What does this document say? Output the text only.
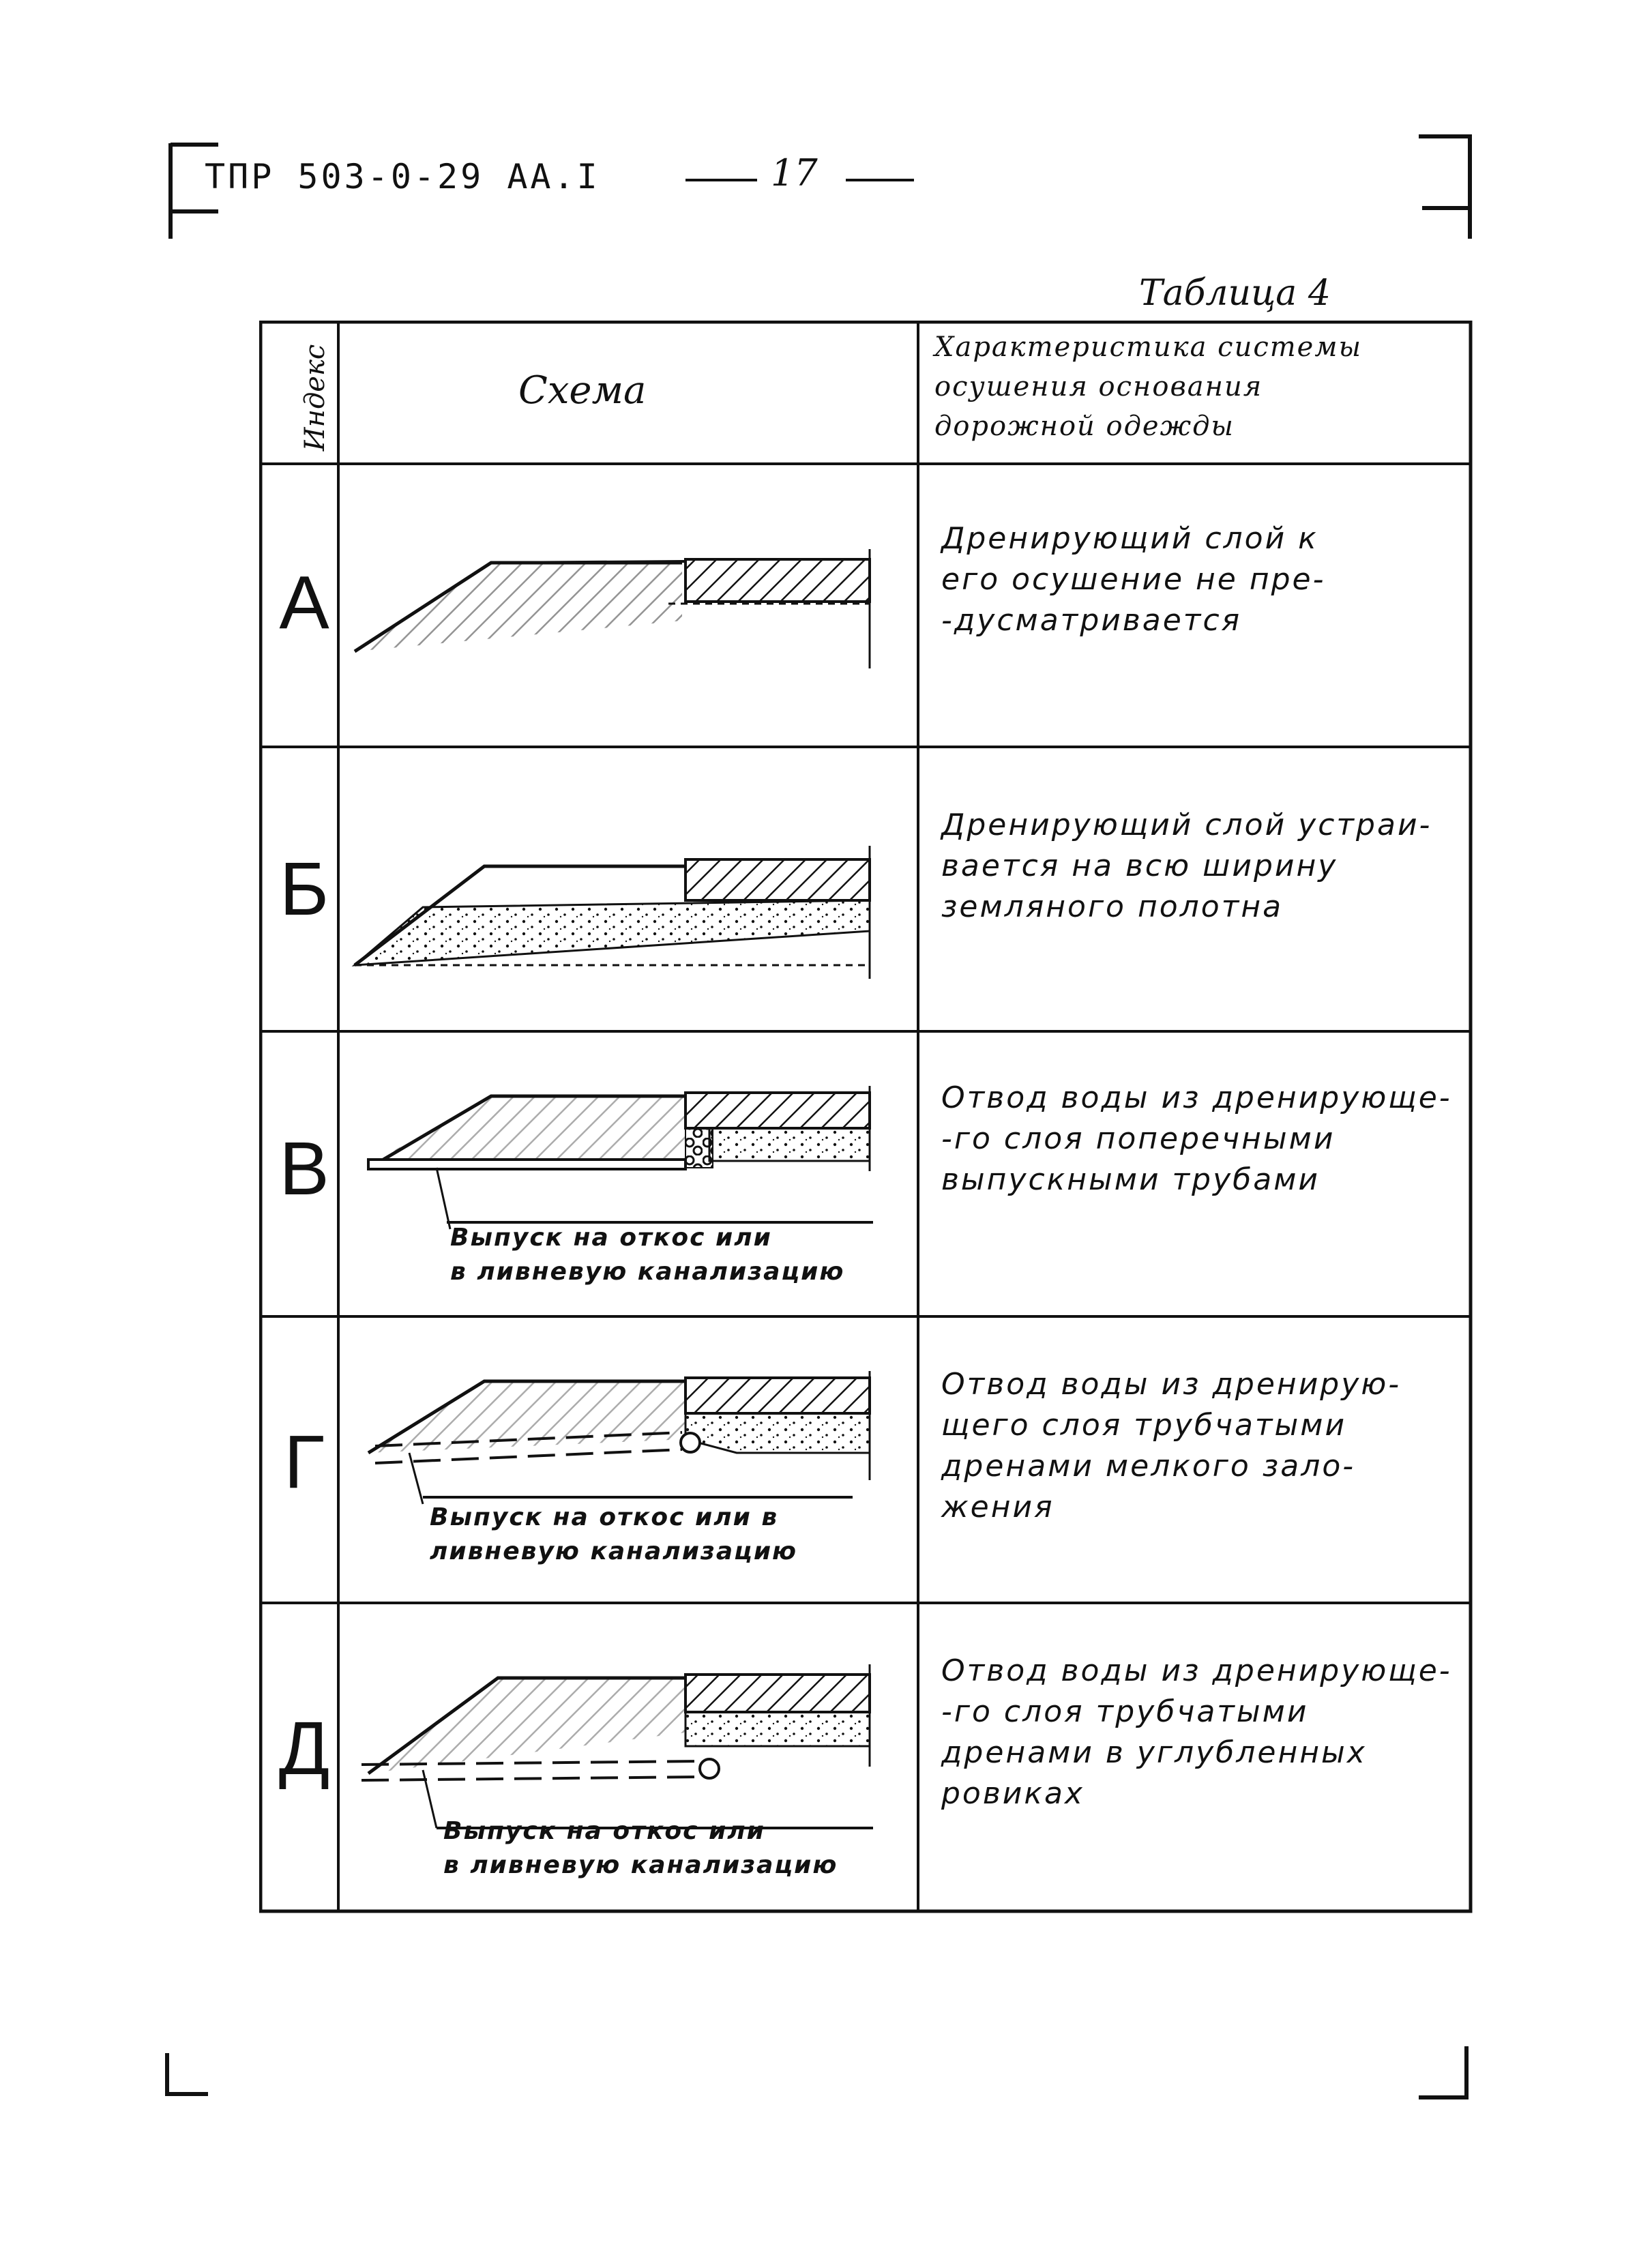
ТПР 503-0-29 АА.I	17
Таблица 4
Индекс	Схема
Характеристика системы
осушения основания
дорожной одежды
А
Б
В
Г
Д
Дренирующий слой к
его осушение не пре-
-дусматривается
Дренирующий слой устраи-
вается на всю ширину
земляного полотна
Отвод воды из дренирующе-
-го слоя поперечными
выпускными трубами
Отвод воды из дренирую-
щего слоя трубчатыми
дренами мелкого зало-
жения
Отвод воды из дренирующе-
-го слоя трубчатыми
дренами в углубленных
ровиках
Выпуск на откос или
в ливневую канализацию
Выпуск на откос или в
ливневую канализацию
Выпуск на откос или
в ливневую канализацию
